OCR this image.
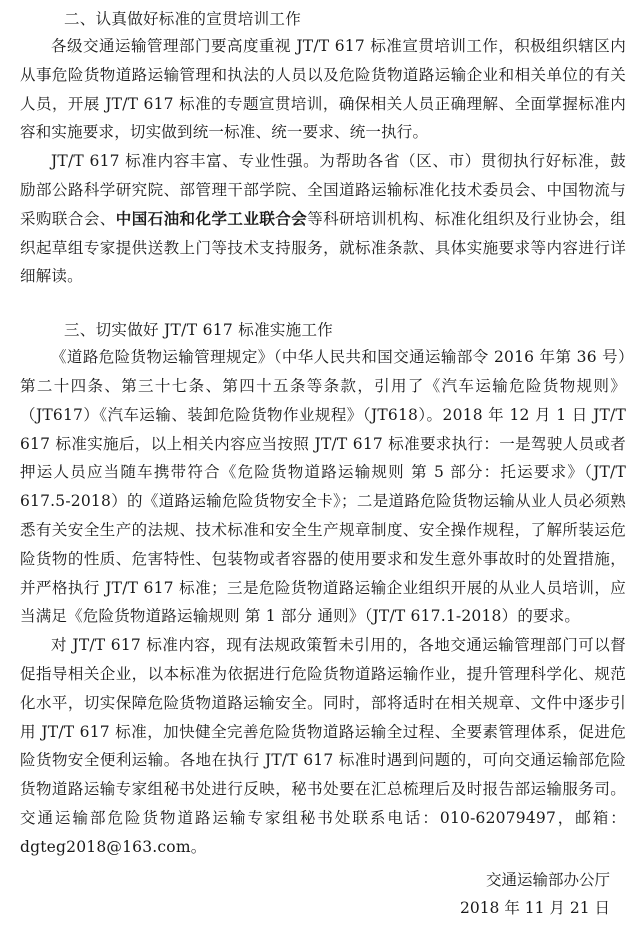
二、认真做好标准的宣贯培训工作

各级交通运输管理部门要高度重视 JT/T 617 标准宣贯培训工作，积极组织辖区内从事危险货物道路运输管理和执法的人员以及危险货物道路运输企业和相关单位的有关人员，开展 JT/T 617 标准的专题宣贯培训，确保相关人员正确理解、全面掌握标准内容和实施要求，切实做到统一标准、统一要求、统一执行。

JT/T 617 标准内容丰富、专业性强。为帮助各省（区、市）贯彻执行好标准，鼓励部公路科学研究院、部管理干部学院、全国道路运输标准化技术委员会、中国物流与采购联合会、中国石油和化学工业联合会等科研培训机构、标准化组织及行业协会，组织起草组专家提供送教上门等技术支持服务，就标准条款、具体实施要求等内容进行详细解读。

三、切实做好 JT/T 617 标准实施工作

《道路危险货物运输管理规定》（中华人民共和国交通运输部令 2016 年第 36 号）第二十四条、第三十七条、第四十五条等条款，引用了《汽车运输危险货物规则》（JT617）《汽车运输、装卸危险货物作业规程》（JT618）。2018 年 12 月 1 日 JT/T 617 标准实施后，以上相关内容应当按照 JT/T 617 标准要求执行：一是驾驶人员或者押运人员应当随车携带符合《危险货物道路运输规则 第 5 部分：托运要求》（JT/T 617.5-2018）的《道路运输危险货物安全卡》；二是道路危险货物运输从业人员必须熟悉有关安全生产的法规、技术标准和安全生产规章制度、安全操作规程，了解所装运危险货物的性质、危害特性、包装物或者容器的使用要求和发生意外事故时的处置措施，并严格执行 JT/T 617 标准；三是危险货物道路运输企业组织开展的从业人员培训，应当满足《危险货物道路运输规则 第 1 部分 通则》（JT/T 617.1-2018）的要求。

对 JT/T 617 标准内容，现有法规政策暂未引用的，各地交通运输管理部门可以督促指导相关企业，以本标准为依据进行危险货物道路运输作业，提升管理科学化、规范化水平，切实保障危险货物道路运输安全。同时，部将适时在相关规章、文件中逐步引用 JT/T 617 标准，加快健全完善危险货物道路运输全过程、全要素管理体系，促进危险货物安全便利运输。各地在执行 JT/T 617 标准时遇到问题的，可向交通运输部危险货物道路运输专家组秘书处进行反映，秘书处要在汇总梳理后及时报告部运输服务司。交通运输部危险货物道路运输专家组秘书处联系电话：010-62079497，邮箱：dgteg2018@163.com。

交通运输部办公厅
2018 年 11 月 21 日
